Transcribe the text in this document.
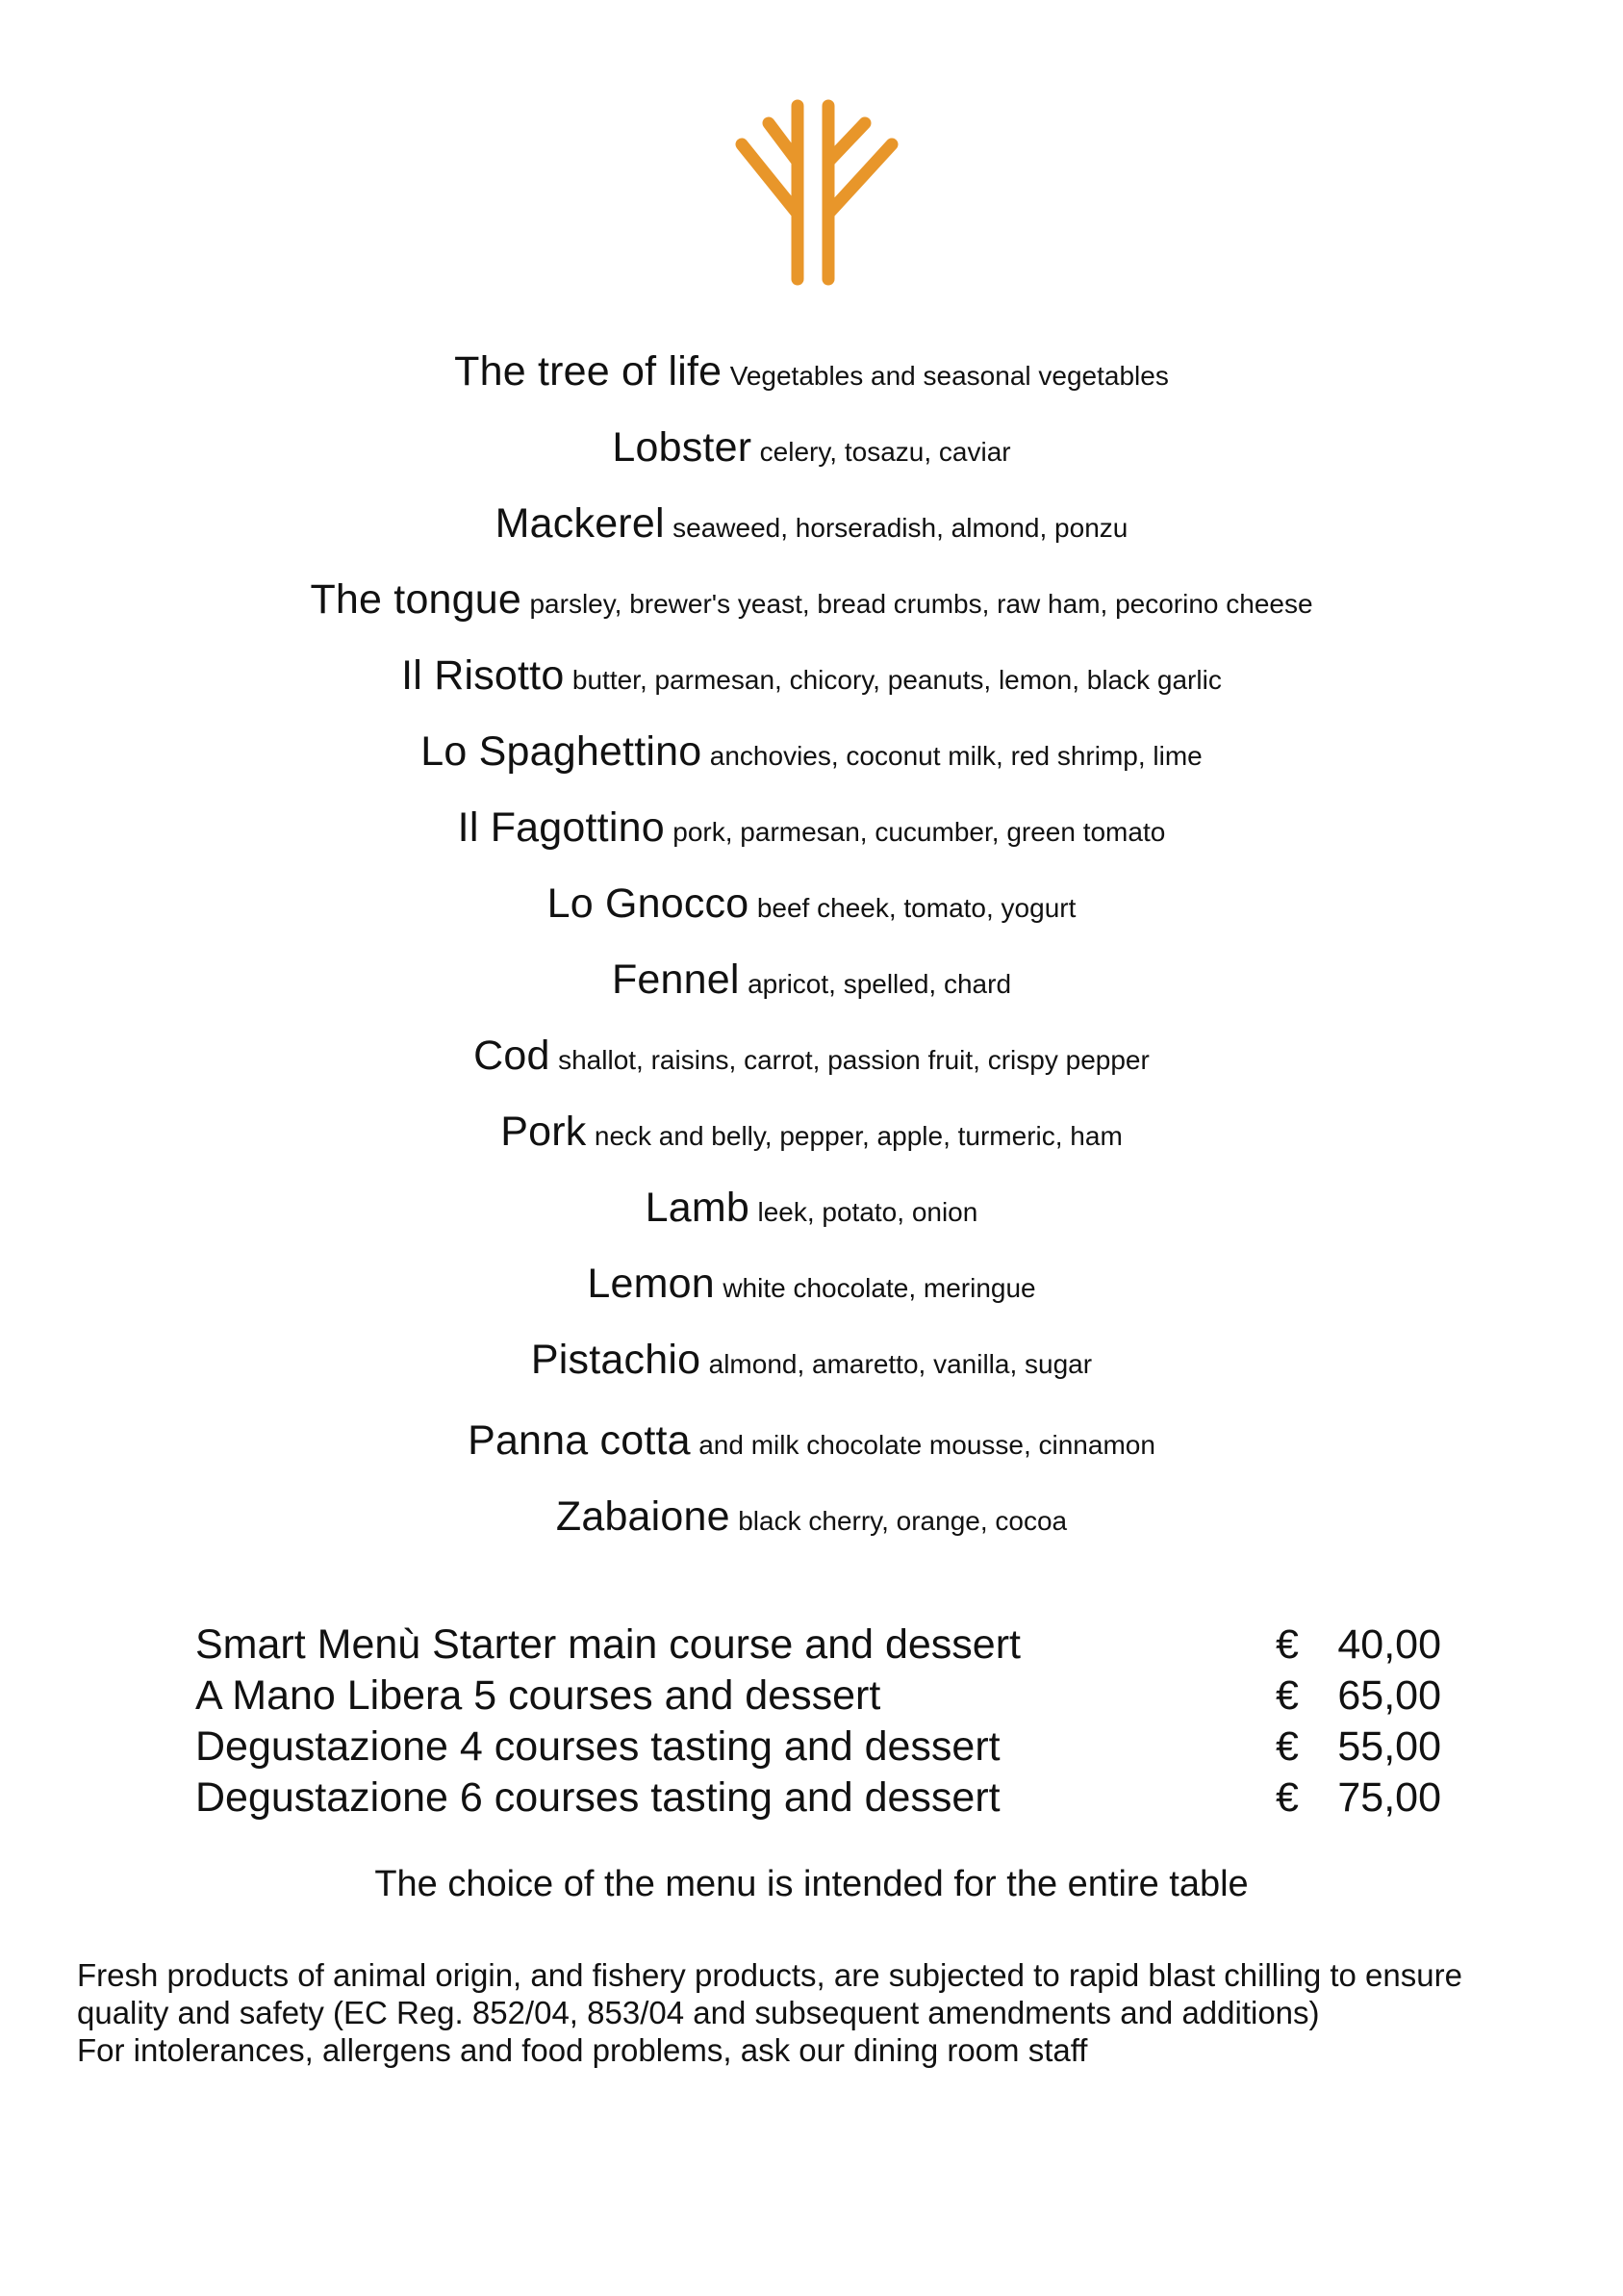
The tree of life Vegetables and seasonal vegetables
Lobster celery, tosazu, caviar
Mackerel seaweed, horseradish, almond, ponzu
The tongue parsley, brewer's yeast, bread crumbs, raw ham, pecorino cheese
Il Risotto butter, parmesan, chicory, peanuts, lemon, black garlic
Lo Spaghettino anchovies, coconut milk, red shrimp, lime
Il Fagottino pork, parmesan, cucumber, green tomato
Lo Gnocco beef cheek, tomato, yogurt
Fennel apricot, spelled, chard
Cod shallot, raisins, carrot, passion fruit, crispy pepper
Pork neck and belly, pepper, apple, turmeric, ham
Lamb leek, potato, onion
Lemon white chocolate, meringue
Pistachio almond, amaretto, vanilla, sugar
Panna cotta and milk chocolate mousse, cinnamon
Zabaione black cherry, orange, cocoa
Smart Menù Starter main course and dessert	€ 40,00
A Mano Libera 5 courses and dessert	€ 65,00
Degustazione 4 courses tasting and dessert	€ 55,00
Degustazione 6 courses tasting and dessert	€ 75,00
The choice of the menu is intended for the entire table

Fresh products of animal origin, and fishery products, are subjected to rapid blast chilling to ensure

quality and safety (EC Reg. 852/04, 853/04 and subsequent amendments and additions)

For intolerances, allergens and food problems, ask our dining room staff
